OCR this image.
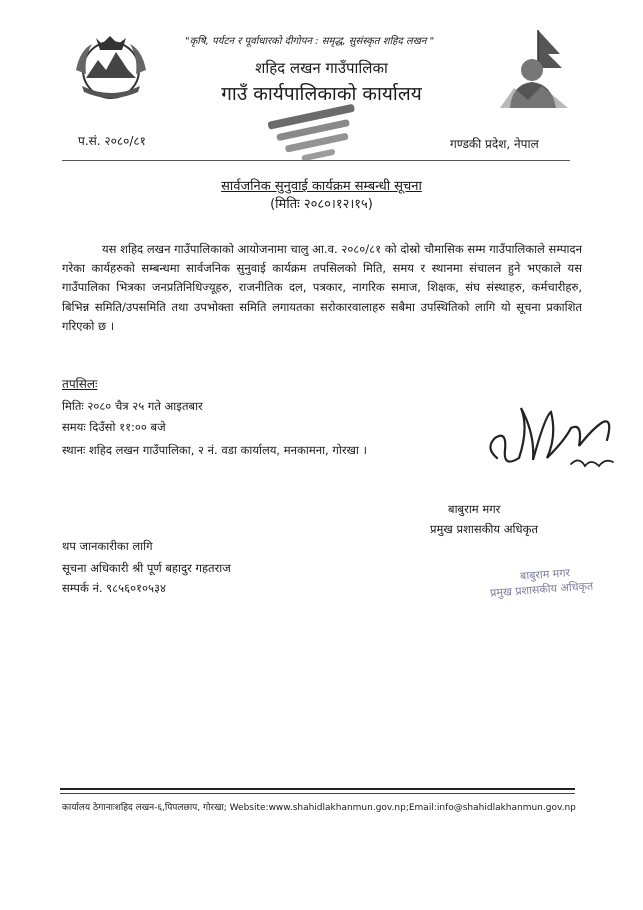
"कृषि, पर्यटन र पूर्वाधारको दीगोपन : समृद्ध, सुसंस्कृत शहिद लखन "
शहिद लखन गाउँपालिका
गाउँ कार्यपालिकाको कार्यालय
प.सं. २०८०/८१	गण्डकी प्रदेश, नेपाल
सार्वजनिक सुनुवाई कार्यक्रम सम्बन्धी सूचना
(मितिः २०८०।१२।१५)
यस शहिद लखन गाउँपालिकाको आयोजनामा चालु आ.व. २०८०/८१ को दोस्रो चौमासिक सम्म गाउँपालिकाले सम्पादन गरेका कार्यहरुको सम्बन्धमा सार्वजनिक सुनुवाई कार्यक्रम तपसिलको मिति, समय र स्थानमा संचालन हुने भएकाले यस गाउँपालिका भित्रका जनप्रतिनिधिज्यूहरु, राजनीतिक दल, पत्रकार, नागरिक समाज, शिक्षक, संघ संस्थाहरु, कर्मचारीहरु, बिभिन्न समिति/उपसमिति तथा उपभोक्ता समिति लगायतका सरोकारवालाहरु सबैमा उपस्थितिको लागि यो सूचना प्रकाशित गरिएको छ ।
तपसिलः
मितिः २०८० चैत्र २५ गते आइतबार
समयः दिउँसो ११:०० बजे
स्थानः शहिद लखन गाउँपालिका, २ नं. वडा कार्यालय, मनकामना, गोरखा ।
बाबुराम मगर
प्रमुख प्रशासकीय अधिकृत
थप जानकारीका लागि
सूचना अधिकारी श्री पूर्ण बहादुर गहतराज
सम्पर्क नं. ९८५६०१०५३४
बाबुराम मगर
प्रमुख प्रशासकीय अधिकृत
कार्यालय ठेगानाःशहिद लखन-६,पिपलछाप, गोरखा; Website:www.shahidlakhanmun.gov.np;Email:info@shahidlakhanmun.gov.np
